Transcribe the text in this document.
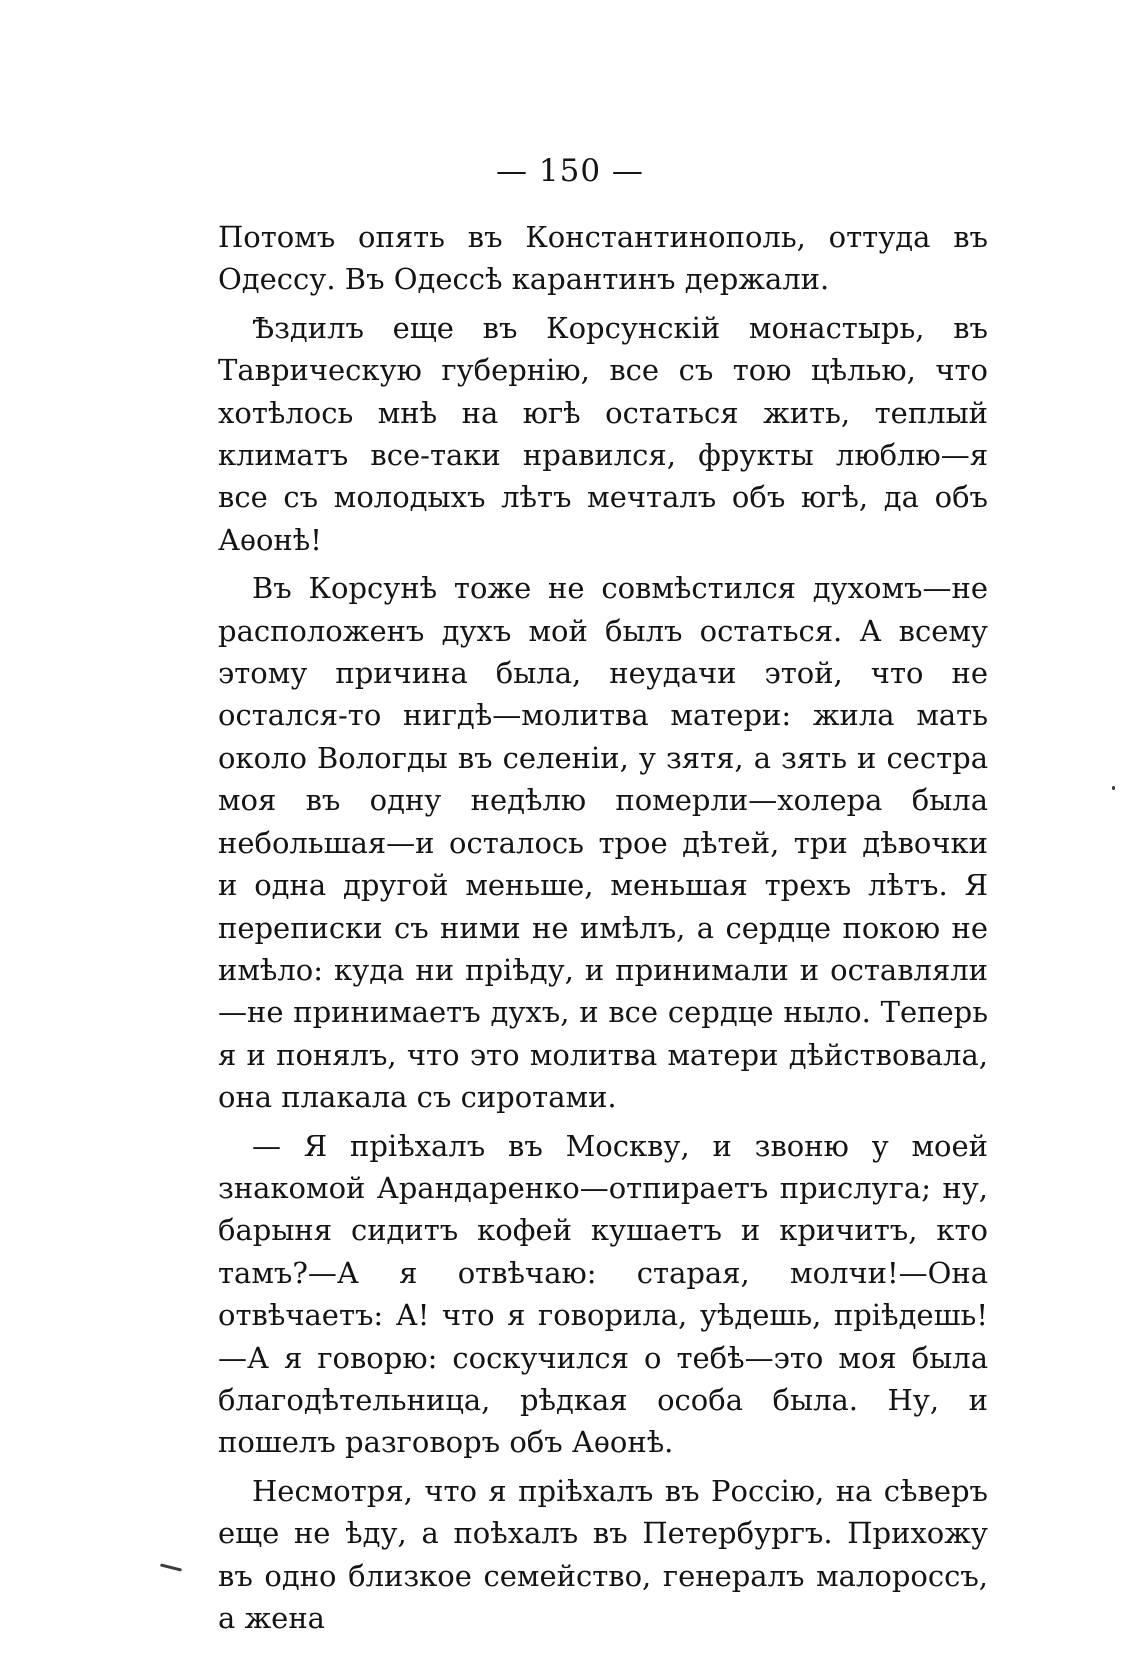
— 150 —

Потомъ опять въ Константинополь, оттуда въ Одессу. Въ Одессѣ карантинъ держали.

Ѣздилъ еще въ Корсунскій монастырь, въ Таврическую губернію, все съ тою цѣлью, что хотѣлось мнѣ на югѣ остаться жить, теплый климатъ все-таки нравился, фрукты люблю—я все съ молодыхъ лѣтъ мечталъ объ югѣ, да объ Аѳонѣ!

Въ Корсунѣ тоже не совмѣстился духомъ—не расположенъ духъ мой былъ остаться. А всему этому причина была, неудачи этой, что не остался-то нигдѣ—молитва матери: жила мать около Вологды въ селеніи, у зятя, а зять и сестра моя въ одну недѣлю померли—холера была небольшая—и осталось трое дѣтей, три дѣвочки и одна другой меньше, меньшая трехъ лѣтъ. Я переписки съ ними не имѣлъ, а сердце покою не имѣло: куда ни пріѣду, и принимали и оставляли—не принимаетъ духъ, и все сердце ныло. Теперь я и понялъ, что это молитва матери дѣйствовала, она плакала съ сиротами.

— Я пріѣхалъ въ Москву, и звоню у моей знакомой Арандаренко—отпираетъ прислуга; ну, барыня сидитъ кофей кушаетъ и кричитъ, кто тамъ?—А я отвѣчаю: старая, молчи!—Она отвѣчаетъ: А! что я говорила, уѣдешь, пріѣдешь!—А я говорю: соскучился о тебѣ—это моя была благодѣтельница, рѣдкая особа была. Ну, и пошелъ разговоръ объ Аѳонѣ.

Несмотря, что я пріѣхалъ въ Россію, на сѣверъ еще не ѣду, а поѣхалъ въ Петербургъ. Прихожу въ одно близкое семейство, генералъ малороссъ, а жена
